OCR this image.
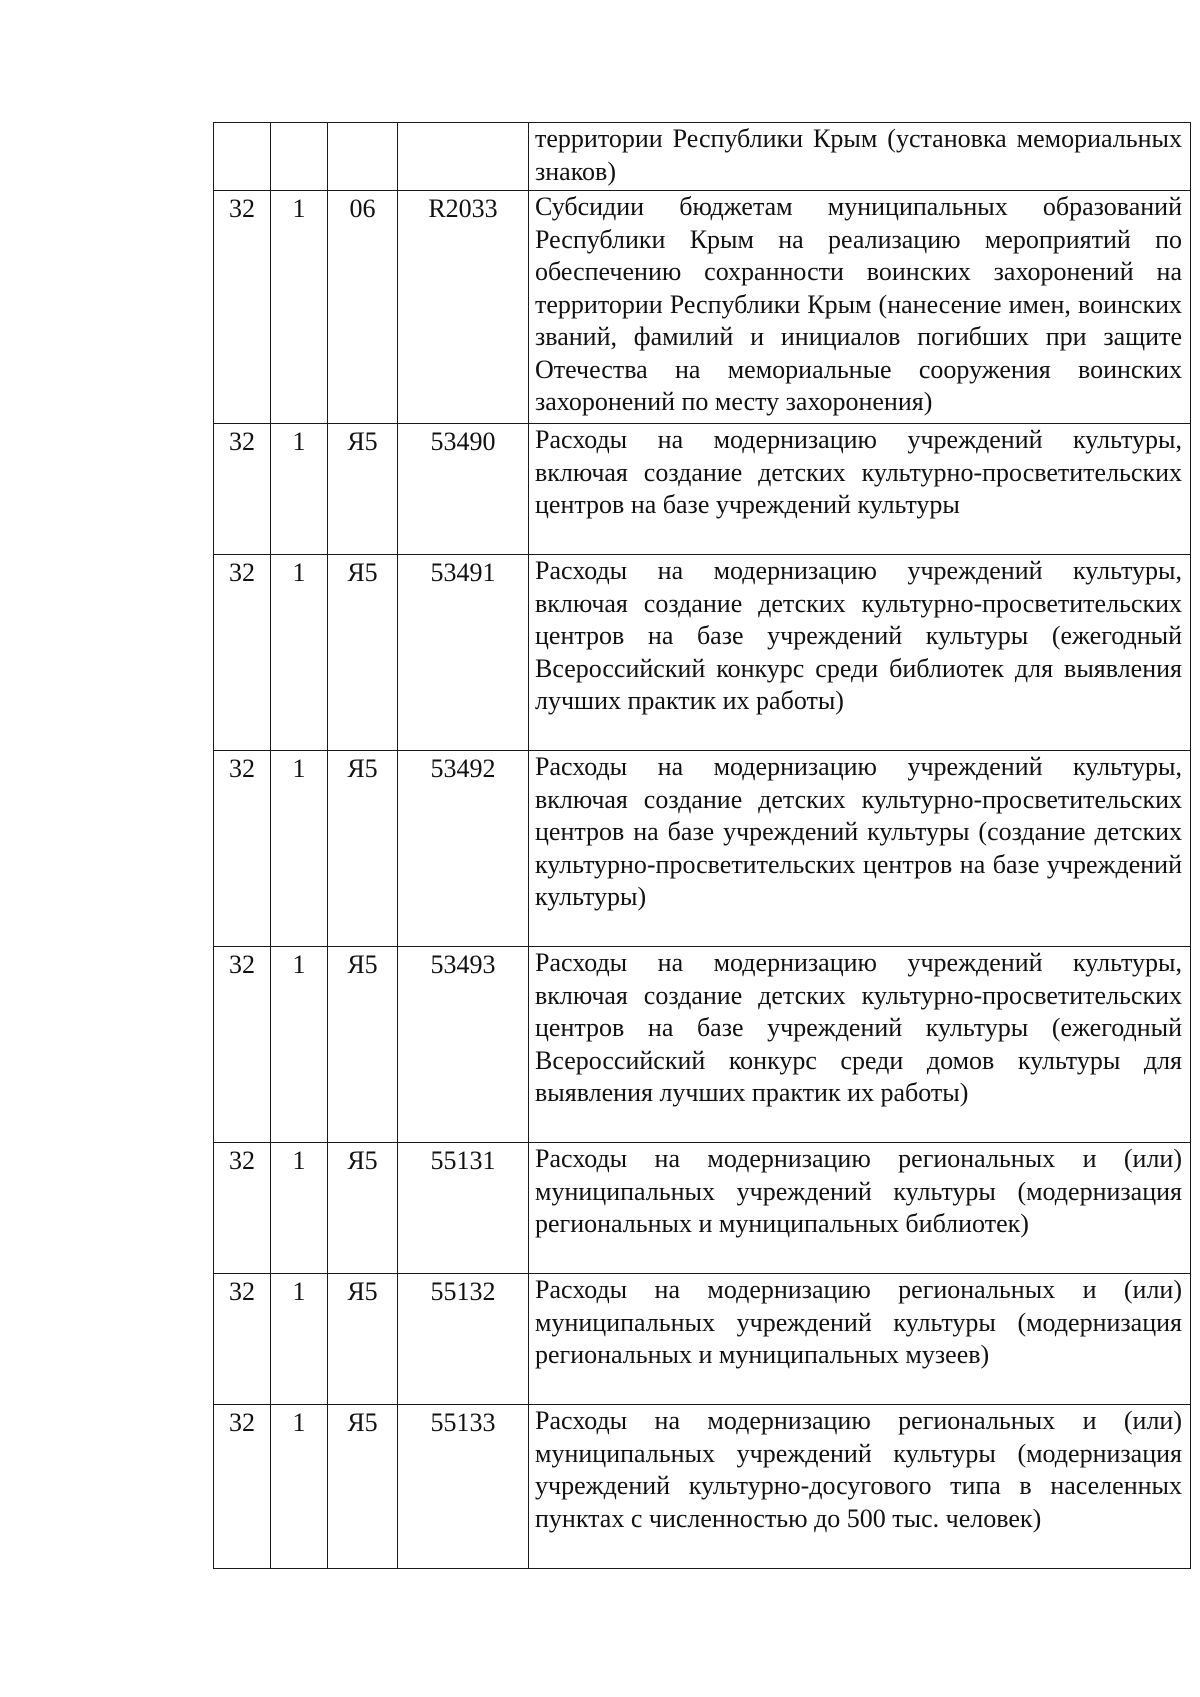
				территории Республики Крым (установка мемориальных знаков)
32	1	06	R2033	Субсидии бюджетам муниципальных образований Республики Крым на реализацию мероприятий по обеспечению сохранности воинских захоронений на территории Республики Крым (нанесение имен, воинских званий, фамилий и инициалов погибших при защите Отечества на мемориальные сооружения воинских захоронений по месту захоронения)
32	1	Я5	53490	Расходы на модернизацию учреждений культуры, включая создание детских культурно-просветительских центров на базе учреждений культуры
32	1	Я5	53491	Расходы на модернизацию учреждений культуры, включая создание детских культурно-просветительских центров на базе учреждений культуры (ежегодный Всероссийский конкурс среди библиотек для выявления лучших практик их работы)
32	1	Я5	53492	Расходы на модернизацию учреждений культуры, включая создание детских культурно-просветительских центров на базе учреждений культуры (создание детских культурно-просветительских центров на базе учреждений культуры)
32	1	Я5	53493	Расходы на модернизацию учреждений культуры, включая создание детских культурно-просветительских центров на базе учреждений культуры (ежегодный Всероссийский конкурс среди домов культуры для выявления лучших практик их работы)
32	1	Я5	55131	Расходы на модернизацию региональных и (или) муниципальных учреждений культуры (модернизация региональных и муниципальных библиотек)
32	1	Я5	55132	Расходы на модернизацию региональных и (или) муниципальных учреждений культуры (модернизация региональных и муниципальных музеев)
32	1	Я5	55133	Расходы на модернизацию региональных и (или) муниципальных учреждений культуры (модернизация учреждений культурно-досугового типа в населенных пунктах с численностью до 500 тыс. человек)
